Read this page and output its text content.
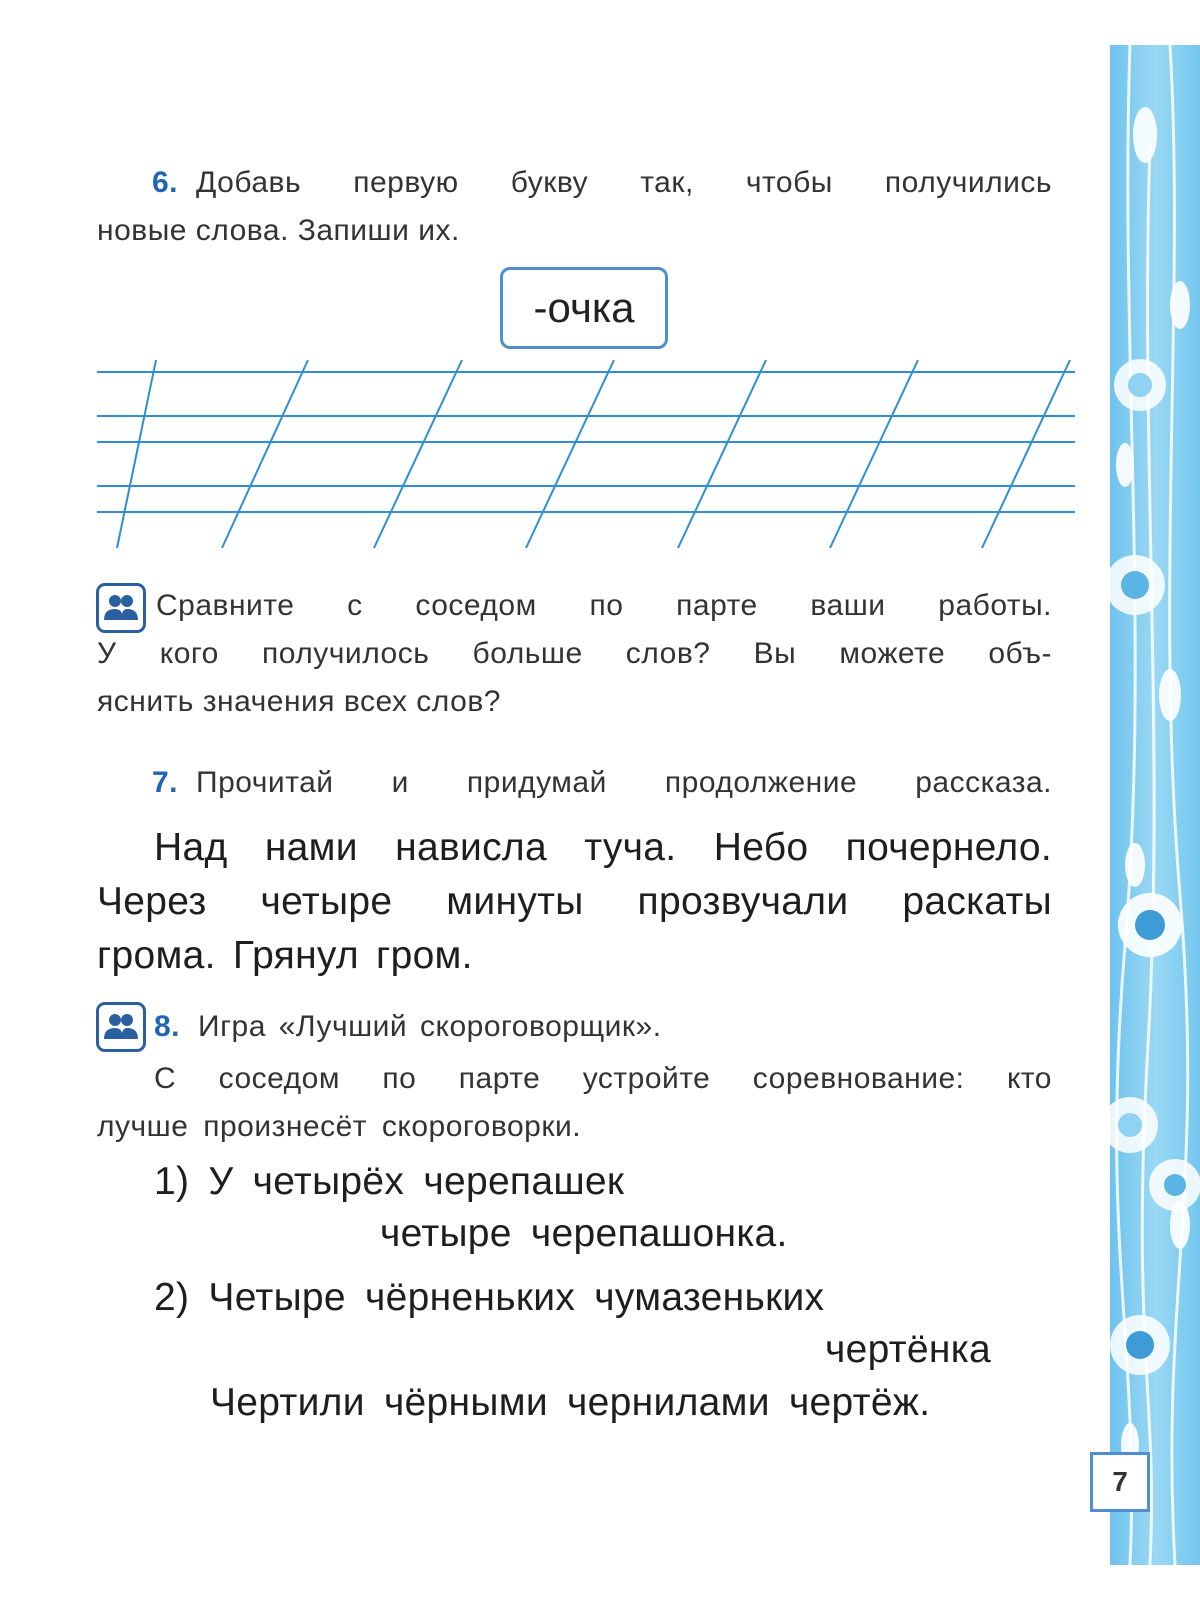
6. Добавь первую букву так, чтобы получились
новые слова. Запиши их.
-очка
Сравните с соседом по парте ваши работы.
У кого получилось больше слов? Вы можете объ-
яснить значения всех слов?
7. Прочитай и придумай продолжение рассказа.
Над нами нависла туча. Небо почернело.
Через четыре минуты прозвучали раскаты
грома. Грянул гром.
8. Игра «Лучший скороговорщик».
С соседом по парте устройте соревнование: кто
лучше произнесёт скороговорки.
1) У четырёх черепашек
четыре черепашонка.
2) Четыре чёрненьких чумазеньких
чертёнка
Чертили чёрными чернилами чертёж.
7
